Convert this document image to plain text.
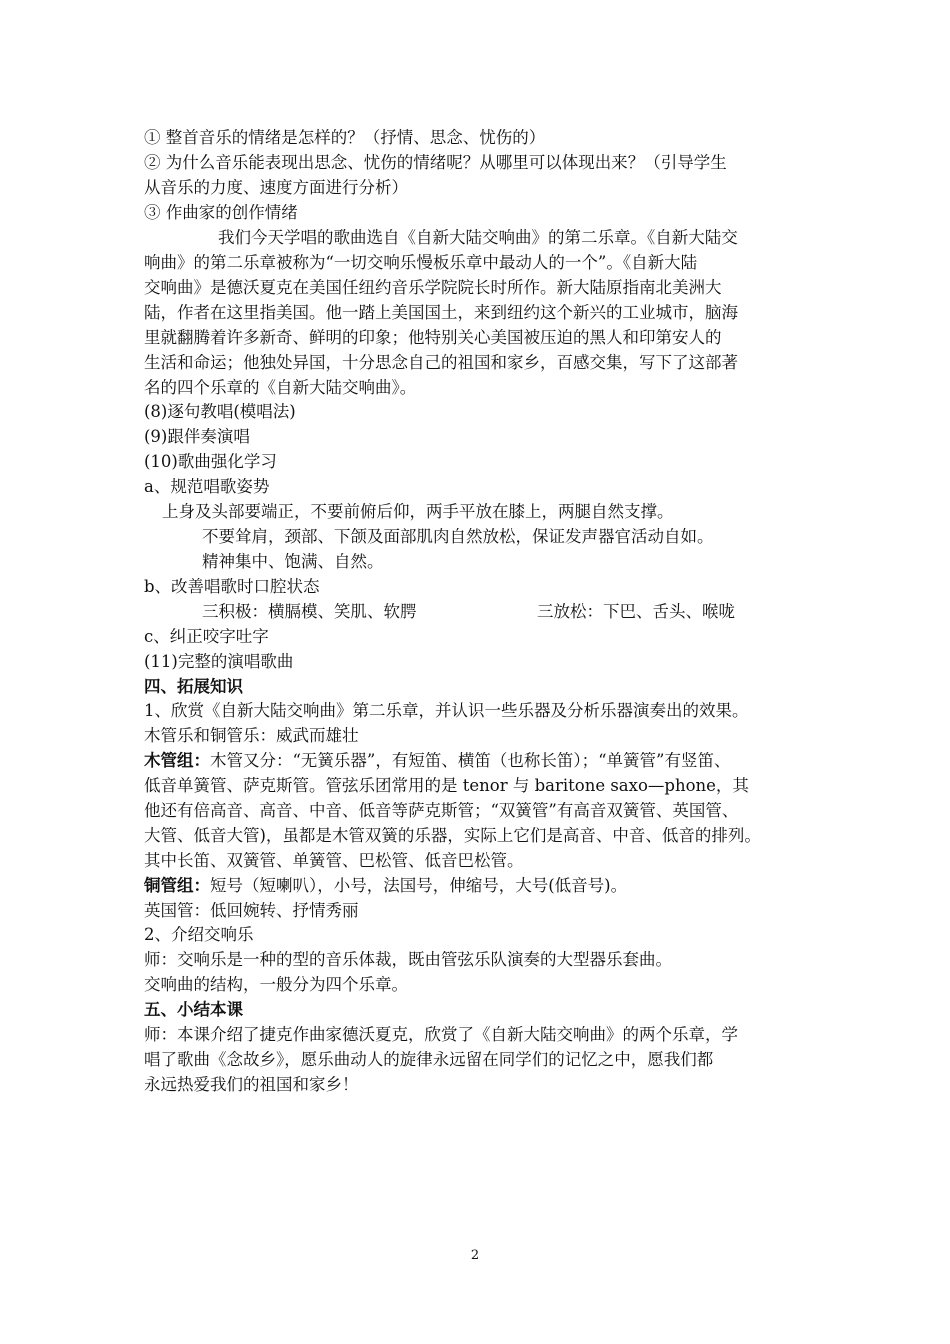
① 整首音乐的情绪是怎样的？（抒情、思念、忧伤的）
② 为什么音乐能表现出思念、忧伤的情绪呢？从哪里可以体现出来？（引导学生
从音乐的力度、速度方面进行分析）
③ 作曲家的创作情绪
我们今天学唱的歌曲选自《自新大陆交响曲》的第二乐章。《自新大陆交
响曲》的第二乐章被称为“一切交响乐慢板乐章中最动人的一个”。《自新大陆
交响曲》是德沃夏克在美国任纽约音乐学院院长时所作。新大陆原指南北美洲大
陆，作者在这里指美国。他一踏上美国国土，来到纽约这个新兴的工业城市，脑海
里就翻腾着许多新奇、鲜明的印象；他特别关心美国被压迫的黑人和印第安人的
生活和命运；他独处异国，十分思念自己的祖国和家乡，百感交集，写下了这部著
名的四个乐章的《自新大陆交响曲》。
(8)逐句教唱(模唱法)
(9)跟伴奏演唱
(10)歌曲强化学习
a、规范唱歌姿势
上身及头部要端正，不要前俯后仰，两手平放在膝上，两腿自然支撑。
不要耸肩，颈部、下颌及面部肌肉自然放松，保证发声器官活动自如。
精神集中、饱满、自然。
b、改善唱歌时口腔状态
三积极：横膈模、笑肌、软腭	三放松：下巴、舌头、喉咙
c、纠正咬字吐字
(11)完整的演唱歌曲
四、拓展知识
1、欣赏《自新大陆交响曲》第二乐章，并认识一些乐器及分析乐器演奏出的效果。
木管乐和铜管乐：威武而雄壮
木管组：木管又分：“无簧乐器”，有短笛、横笛（也称长笛）；“单簧管”有竖笛、
低音单簧管、萨克斯管。管弦乐团常用的是 tenor 与 baritone saxo—phone，其
他还有倍高音、高音、中音、低音等萨克斯管；“双簧管”有高音双簧管、英国管、
大管、低音大管)，虽都是木管双簧的乐器，实际上它们是高音、中音、低音的排列。
其中长笛、双簧管、单簧管、巴松管、低音巴松管。
铜管组：短号（短喇叭），小号，法国号，伸缩号，大号(低音号)。
英国管：低回婉转、抒情秀丽
2、介绍交响乐
师：交响乐是一种的型的音乐体裁，既由管弦乐队演奏的大型器乐套曲。
交响曲的结构，一般分为四个乐章。
五、小结本课
师：本课介绍了捷克作曲家德沃夏克，欣赏了《自新大陆交响曲》的两个乐章，学
唱了歌曲《念故乡》，愿乐曲动人的旋律永远留在同学们的记忆之中，愿我们都
永远热爱我们的祖国和家乡！
2
